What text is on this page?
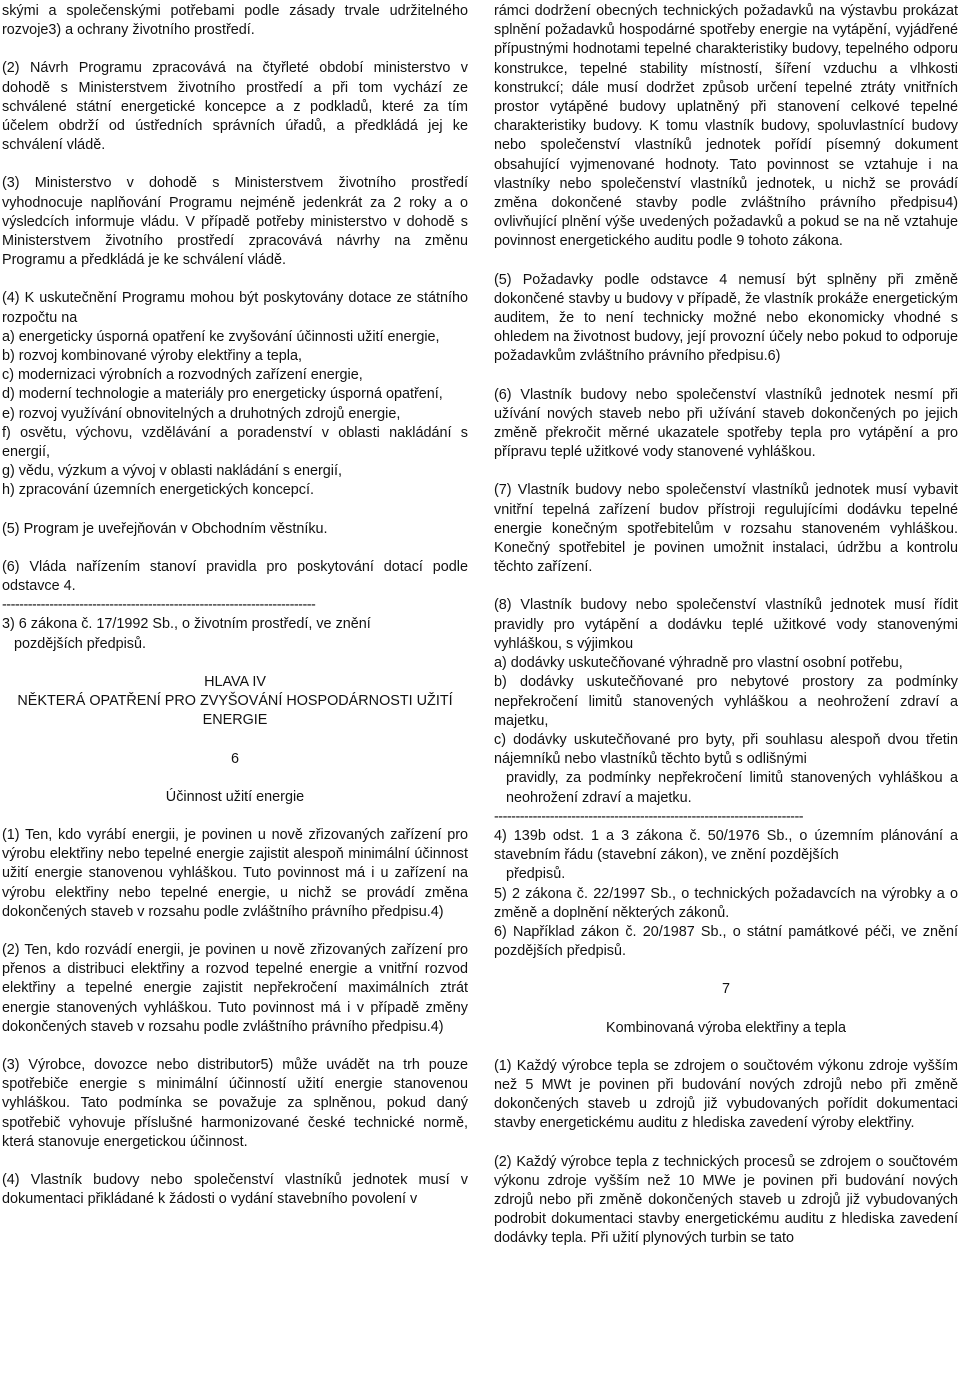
skými a společenskými potřebami podle zásady trvale udržitelného rozvoje3) a ochrany životního prostředí.

(2) Návrh Programu zpracovává na čtyřleté období ministerstvo v dohodě s Ministerstvem životního prostředí a při tom vychází ze schválené státní energetické koncepce a z podkladů, které za tím účelem obdrží od ústředních správních úřadů, a předkládá jej ke schválení vládě.

(3) Ministerstvo v dohodě s Ministerstvem životního prostředí vyhodnocuje naplňování Programu nejméně jedenkrát za 2 roky a o výsledcích informuje vládu. V případě potřeby ministerstvo v dohodě s Ministerstvem životního prostředí zpracovává návrhy na změnu Programu a předkládá je ke schválení vládě.

(4) K uskutečnění Programu mohou být poskytovány dotace ze státního rozpočtu na

a) energeticky úsporná opatření ke zvyšování účinnosti užití energie,

b) rozvoj kombinované výroby elektřiny a tepla,

c) modernizaci výrobních a rozvodných zařízení energie,

d) moderní technologie a materiály pro energeticky úsporná opatření,

e) rozvoj využívání obnovitelných a druhotných zdrojů energie,

f) osvětu, výchovu, vzdělávání a poradenství v oblasti nakládání s energií,

g) vědu, výzkum a vývoj v oblasti nakládání s energií,

h) zpracování územních energetických koncepcí.

(5) Program je uveřejňován v Obchodním věstníku.

(6) Vláda nařízením stanoví pravidla pro poskytování dotací podle odstavce 4.

-------------------------------------------------------------------------

3) 6 zákona č. 17/1992 Sb., o životním prostředí, ve znění

pozdějších předpisů.

HLAVA IV

NĚKTERÁ OPATŘENÍ PRO ZVYŠOVÁNÍ HOSPODÁRNOSTI UŽITÍ ENERGIE

6

Účinnost užití energie

(1) Ten, kdo vyrábí energii, je povinen u nově zřizovaných zařízení pro výrobu elektřiny nebo tepelné energie zajistit alespoň minimální účinnost užití energie stanovenou vyhláškou. Tuto povinnost má i u zařízení na výrobu elektřiny nebo tepelné energie, u nichž se provádí změna dokončených staveb v rozsahu podle zvláštního právního předpisu.4)

(2) Ten, kdo rozvádí energii, je povinen u nově zřizovaných zařízení pro přenos a distribuci elektřiny a rozvod tepelné energie a vnitřní rozvod elektřiny a tepelné energie zajistit nepřekročení maximálních ztrát energie stanovených vyhláškou. Tuto povinnost má i v případě změny dokončených staveb v rozsahu podle zvláštního právního předpisu.4)

(3) Výrobce, dovozce nebo distributor5) může uvádět na trh pouze spotřebiče energie s minimální účinností užití energie stanovenou vyhláškou. Tato podmínka se považuje za splněnou, pokud daný spotřebič vyhovuje příslušné harmonizované české technické normě, která stanovuje energetickou účinnost.

(4) Vlastník budovy nebo společenství vlastníků jednotek musí v dokumentaci přikládané k žádosti o vydání stavebního povolení v

rámci dodržení obecných technických požadavků na výstavbu prokázat splnění požadavků hospodárné spotřeby energie na vytápění, vyjádřené přípustnými hodnotami tepelné charakteristiky budovy, tepelného odporu konstrukce, tepelné stability místností, šíření vzduchu a vlhkosti konstrukcí; dále musí dodržet způsob určení tepelné ztráty vnitřních prostor vytápěné budovy uplatněný při stanovení celkové tepelné charakteristiky budovy. K tomu vlastník budovy, spoluvlastnící budovy nebo společenství vlastníků jednotek pořídí písemný dokument obsahující vyjmenované hodnoty. Tato povinnost se vztahuje i na vlastníky nebo společenství vlastníků jednotek, u nichž se provádí změna dokončené stavby podle zvláštního právního předpisu4) ovlivňující plnění výše uvedených požadavků a pokud se na ně vztahuje povinnost energetického auditu podle 9 tohoto zákona.

(5) Požadavky podle odstavce 4 nemusí být splněny při změně dokončené stavby u budovy v případě, že vlastník prokáže energetickým auditem, že to není technicky možné nebo ekonomicky vhodné s ohledem na životnost budovy, její provozní účely nebo pokud to odporuje požadavkům zvláštního právního předpisu.6)

(6) Vlastník budovy nebo společenství vlastníků jednotek nesmí při užívání nových staveb nebo při užívání staveb dokončených po jejich změně překročit měrné ukazatele spotřeby tepla pro vytápění a pro přípravu teplé užitkové vody stanovené vyhláškou.

(7) Vlastník budovy nebo společenství vlastníků jednotek musí vybavit vnitřní tepelná zařízení budov přístroji regulujícími dodávku tepelné energie konečným spotřebitelům v rozsahu stanoveném vyhláškou. Konečný spotřebitel je povinen umožnit instalaci, údržbu a kontrolu těchto zařízení.

(8) Vlastník budovy nebo společenství vlastníků jednotek musí řídit pravidly pro vytápění a dodávku teplé užitkové vody stanovenými vyhláškou, s výjimkou

a) dodávky uskutečňované výhradně pro vlastní osobní potřebu,

b) dodávky uskutečňované pro nebytové prostory za podmínky nepřekročení limitů stanovených vyhláškou a neohrožení zdraví a majetku,

c) dodávky uskutečňované pro byty, při souhlasu alespoň dvou třetin nájemníků nebo vlastníků těchto bytů s odlišnými

pravidly, za podmínky nepřekročení limitů stanovených vyhláškou a neohrožení zdraví a majetku.

------------------------------------------------------------------------

4) 139b odst. 1 a 3 zákona č. 50/1976 Sb., o územním plánování a stavebním řádu (stavební zákon), ve znění pozdějších

předpisů.

5) 2 zákona č. 22/1997 Sb., o technických požadavcích na výrobky a o změně a doplnění některých zákonů.

6) Například zákon č. 20/1987 Sb., o státní památkové péči, ve znění pozdějších předpisů.

7

Kombinovaná výroba elektřiny a tepla

(1) Každý výrobce tepla se zdrojem o součtovém výkonu zdroje vyšším než 5 MWt je povinen při budování nových zdrojů nebo při změně dokončených staveb u zdrojů již vybudovaných pořídit dokumentaci stavby energetickému auditu z hlediska zavedení výroby elektřiny.

(2) Každý výrobce tepla z technických procesů se zdrojem o součtovém výkonu zdroje vyšším než 10 MWe je povinen při budování nových zdrojů nebo při změně dokončených staveb u zdrojů již vybudovaných podrobit dokumentaci stavby energetickému auditu z hlediska zavedení dodávky tepla. Při užití plynových turbin se tato
